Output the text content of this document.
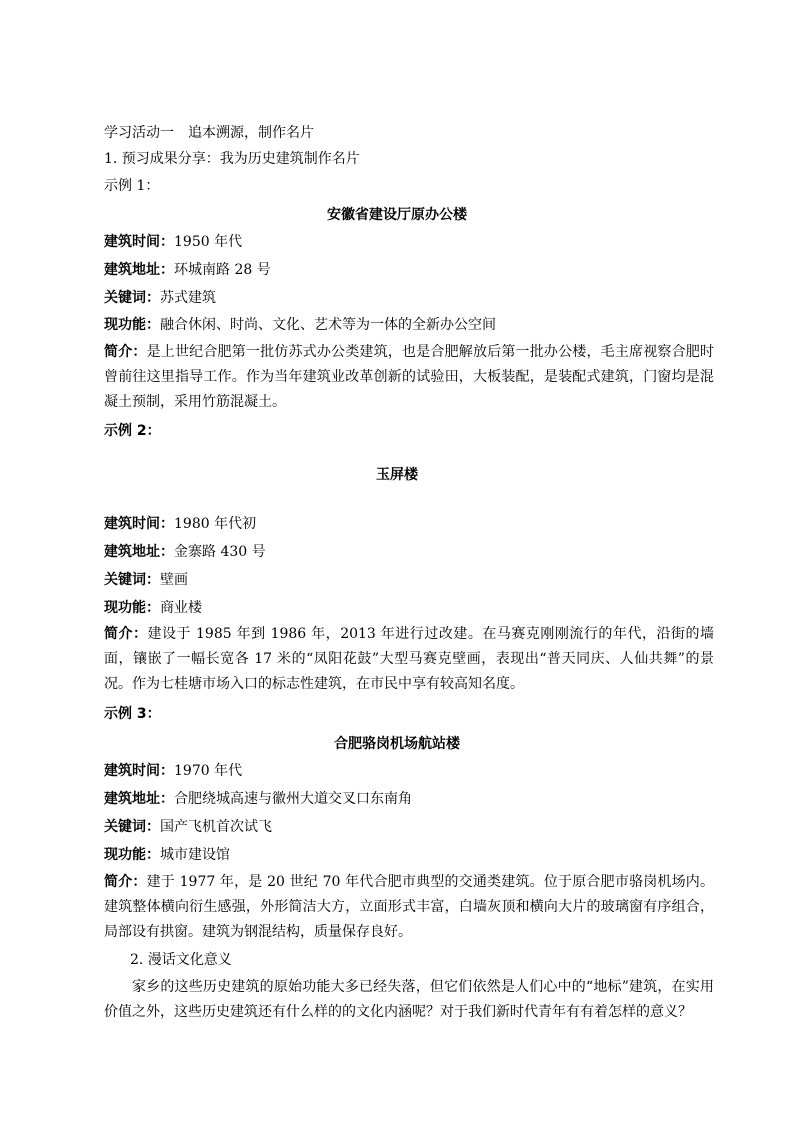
学习活动一　追本溯源，制作名片
1. 预习成果分享：我为历史建筑制作名片
示例 1：
安徽省建设厅原办公楼
建筑时间：1950 年代
建筑地址：环城南路 28 号
关键词：苏式建筑
现功能：融合休闲、时尚、文化、艺术等为一体的全新办公空间
简介：是上世纪合肥第一批仿苏式办公类建筑，也是合肥解放后第一批办公楼，毛主席视察合肥时曾前往这里指导工作。作为当年建筑业改革创新的试验田，大板装配，是装配式建筑，门窗均是混凝土预制，采用竹筋混凝土。
示例 2：
玉屏楼
建筑时间：1980 年代初
建筑地址：金寨路 430 号
关键词：壁画
现功能：商业楼
简介：建设于 1985 年到 1986 年，2013 年进行过改建。在马赛克刚刚流行的年代，沿街的墙面，镶嵌了一幅长宽各 17 米的“凤阳花鼓”大型马赛克壁画，表现出“普天同庆、人仙共舞”的景况。作为七桂塘市场入口的标志性建筑，在市民中享有较高知名度。
示例 3：
合肥骆岗机场航站楼
建筑时间：1970 年代
建筑地址：合肥绕城高速与徽州大道交叉口东南角
关键词：国产飞机首次试飞
现功能：城市建设馆
简介：建于 1977 年，是 20 世纪 70 年代合肥市典型的交通类建筑。位于原合肥市骆岗机场内。建筑整体横向衍生感强，外形简洁大方，立面形式丰富，白墙灰顶和横向大片的玻璃窗有序组合，局部设有拱窗。建筑为钢混结构，质量保存良好。
2. 漫话文化意义
家乡的这些历史建筑的原始功能大多已经失落，但它们依然是人们心中的“地标”建筑，在实用价值之外，这些历史建筑还有什么样的的文化内涵呢？对于我们新时代青年有有着怎样的意义？
